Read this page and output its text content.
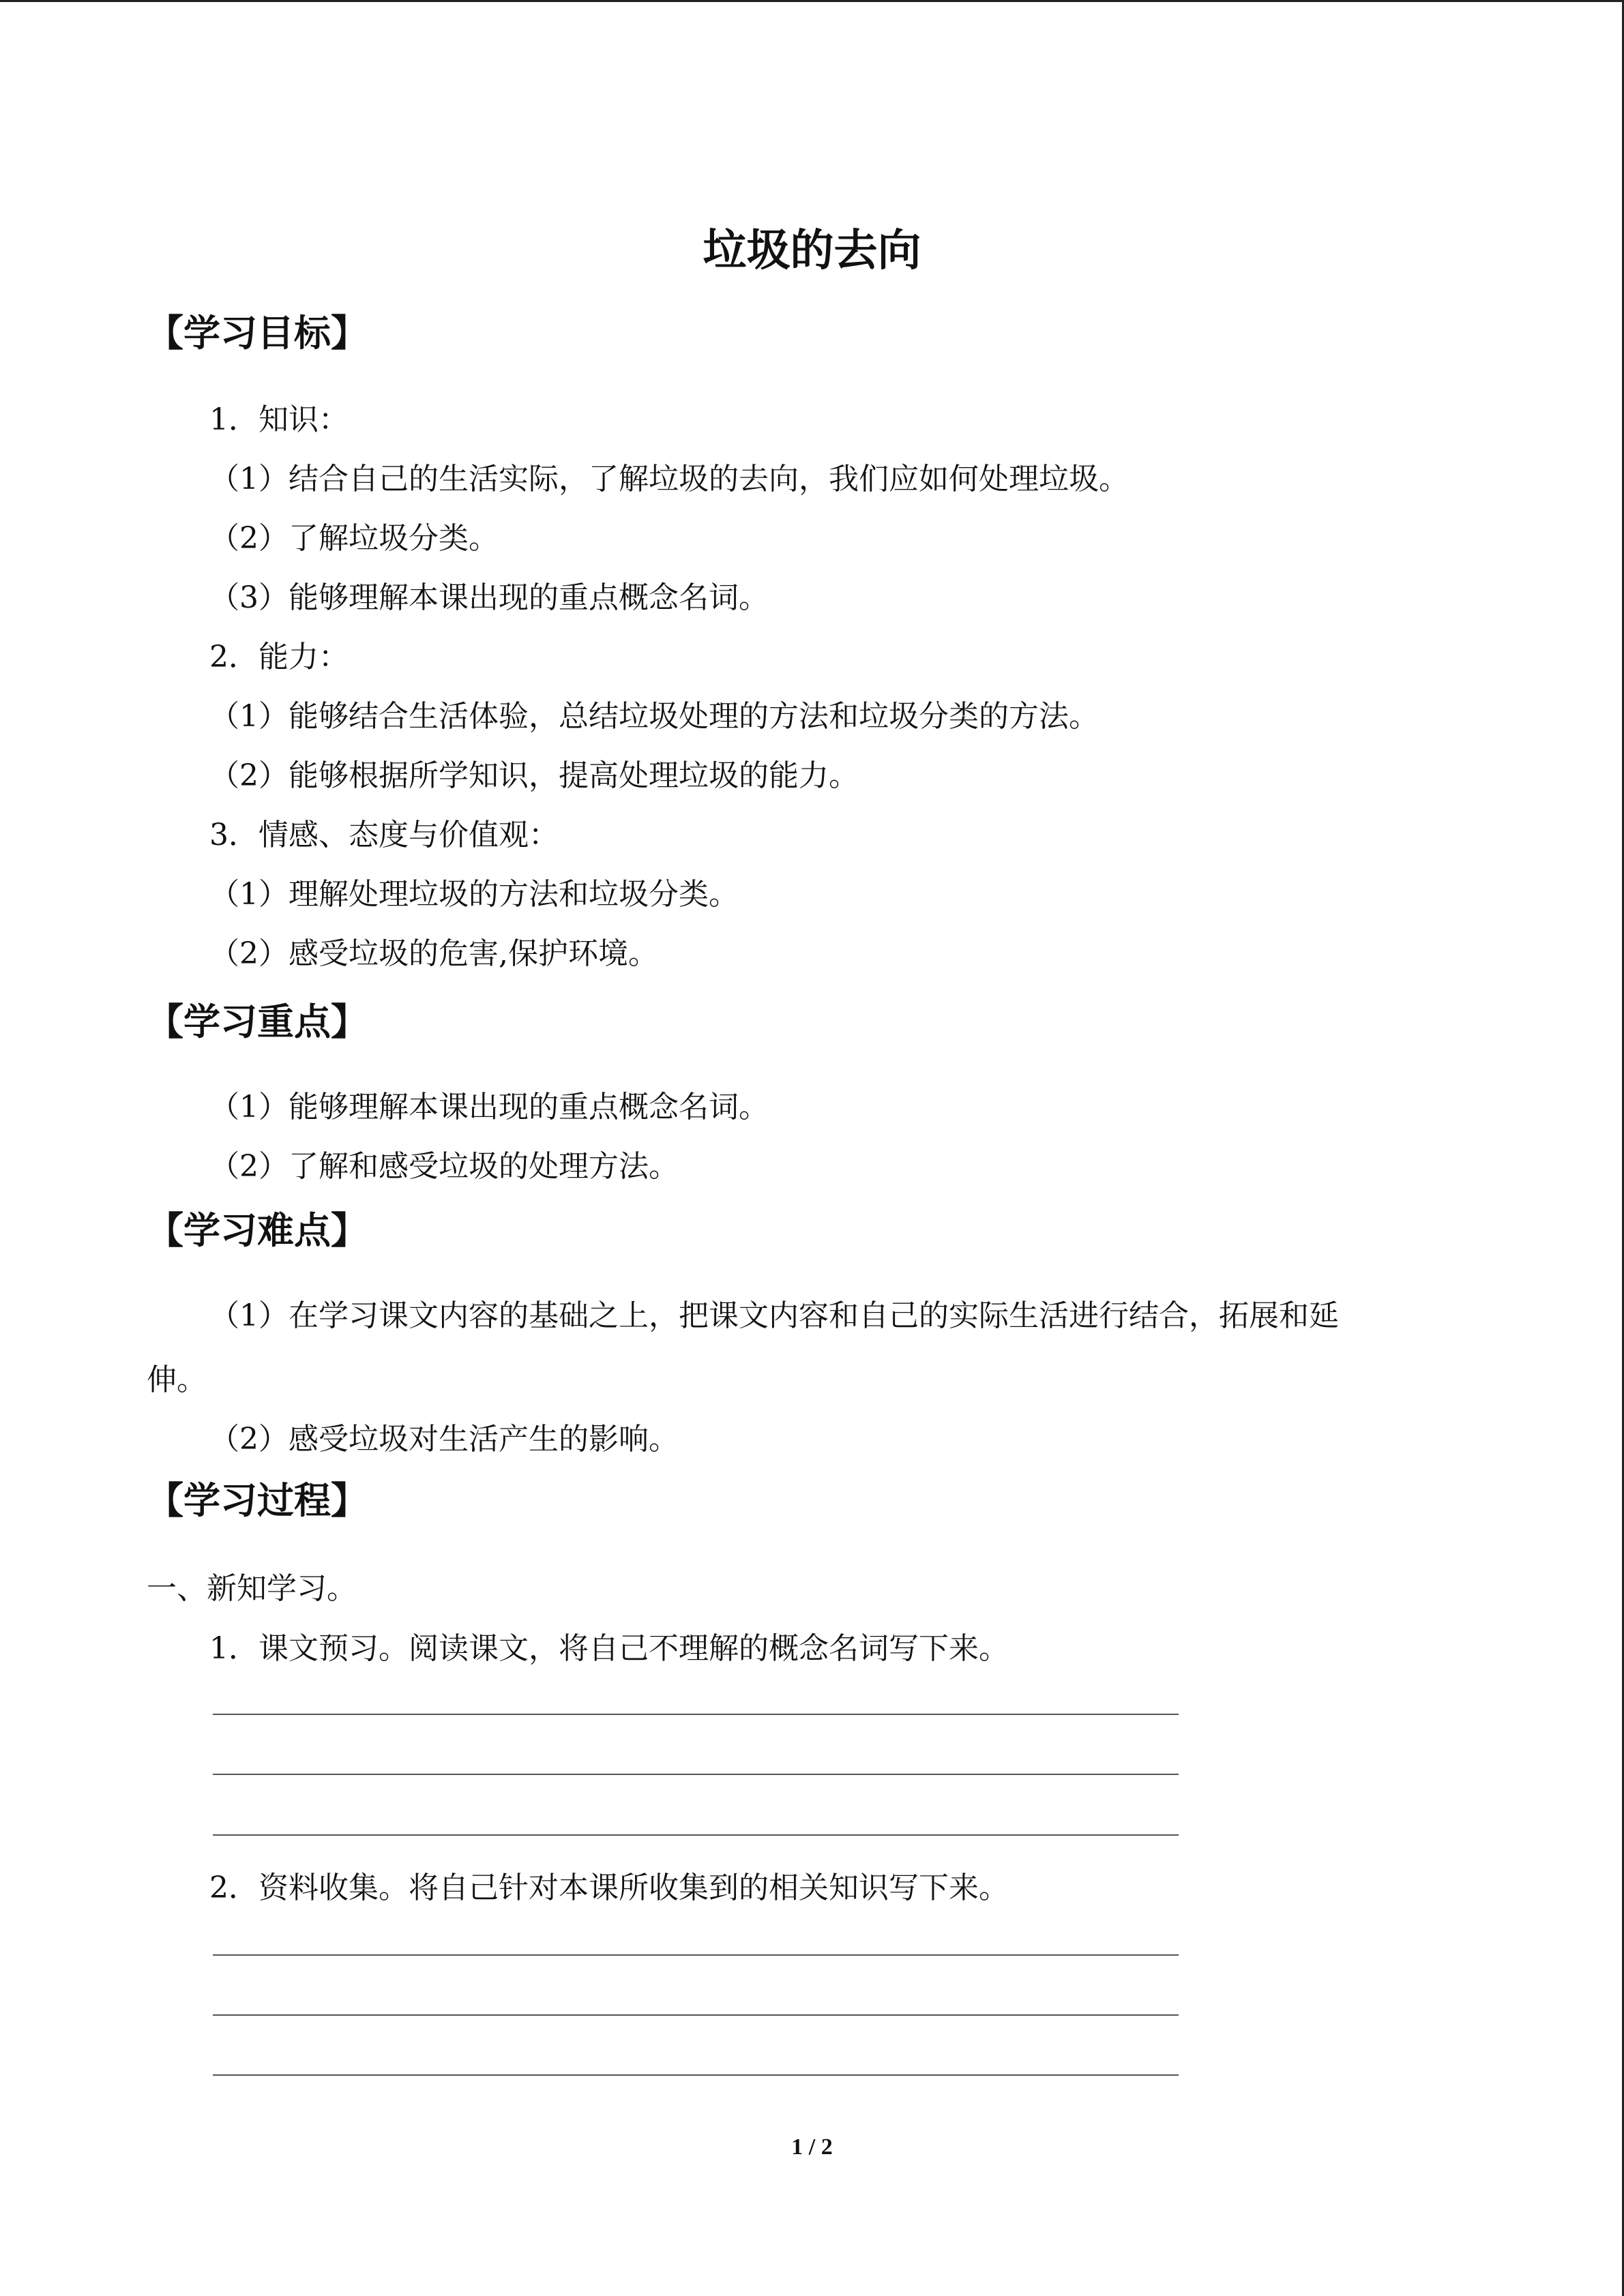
垃圾的去向
【学习目标】
1．知识：
（1）结合自己的生活实际，了解垃圾的去向，我们应如何处理垃圾。
（2）了解垃圾分类。
（3）能够理解本课出现的重点概念名词。
2．能力：
（1）能够结合生活体验，总结垃圾处理的方法和垃圾分类的方法。
（2）能够根据所学知识，提高处理垃圾的能力。
3．情感、态度与价值观：
（1）理解处理垃圾的方法和垃圾分类。
（2）感受垃圾的危害,保护环境。
【学习重点】
（1）能够理解本课出现的重点概念名词。
（2）了解和感受垃圾的处理方法。
【学习难点】
（1）在学习课文内容的基础之上，把课文内容和自己的实际生活进行结合，拓展和延
伸。
（2）感受垃圾对生活产生的影响。
【学习过程】
一、新知学习。
1．课文预习。阅读课文，将自己不理解的概念名词写下来。
2．资料收集。将自己针对本课所收集到的相关知识写下来。
1 / 2
